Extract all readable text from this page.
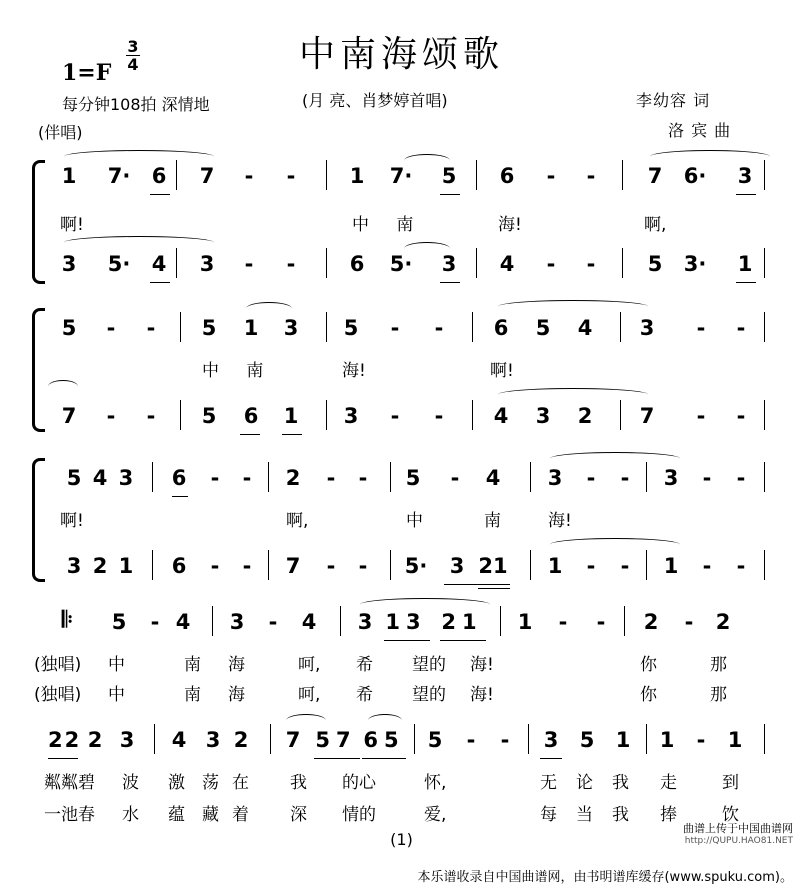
中南海颂歌
$1=F \frac{3}{4}$
每分钟108拍 深情地	(月 亮、肖梦婷首唱)	李幼容 词
(伴唱)	洛 宾 曲
1 7· 6 7	-	-	1 7· 5 6	-	-	7 6· 3
啊!	中 南	海!	啊,
3 5· 4 3	-	-	6 5· 3 4	-	-	5 3· 1
5	-	-	5 1 3 5	-	-	6 5 4 3	-	-
中 南	海!	啊!
7	-	-	5 6 1 3	-	-	4 3 2 7	-	-
5 4 3	6	-	-	2	-	-	5	-	4 3	-	-	3	-	-
啊!	啊,	中	南	海!
3 2 1	6	-	-	7	-	-	5· 3 21 1	-	-	1	-	-
𝄆 5	- 4 3	-	4 3 13 21 1	-	-	2	-	2
(独唱) 中	南 海	呵, 希 望的 海!	你	那
(独唱) 中	南 海	呵, 希 望的 海!	你	那
22 2 3 4 3 2 7 57 65 5	-	-	3 5 1 1	-	1
粼粼碧 波 激 荡 在 我 的心	怀,	无 论 我 走	到
一池春 水 蕴 藏 着 深 情的	爱,	每 当 我 捧	饮
(1)
曲谱上传于中国曲谱网
http://QUPU.HAO81.NET
本乐谱收录自中国曲谱网，由书明谱库缓存(www.spuku.com)。
